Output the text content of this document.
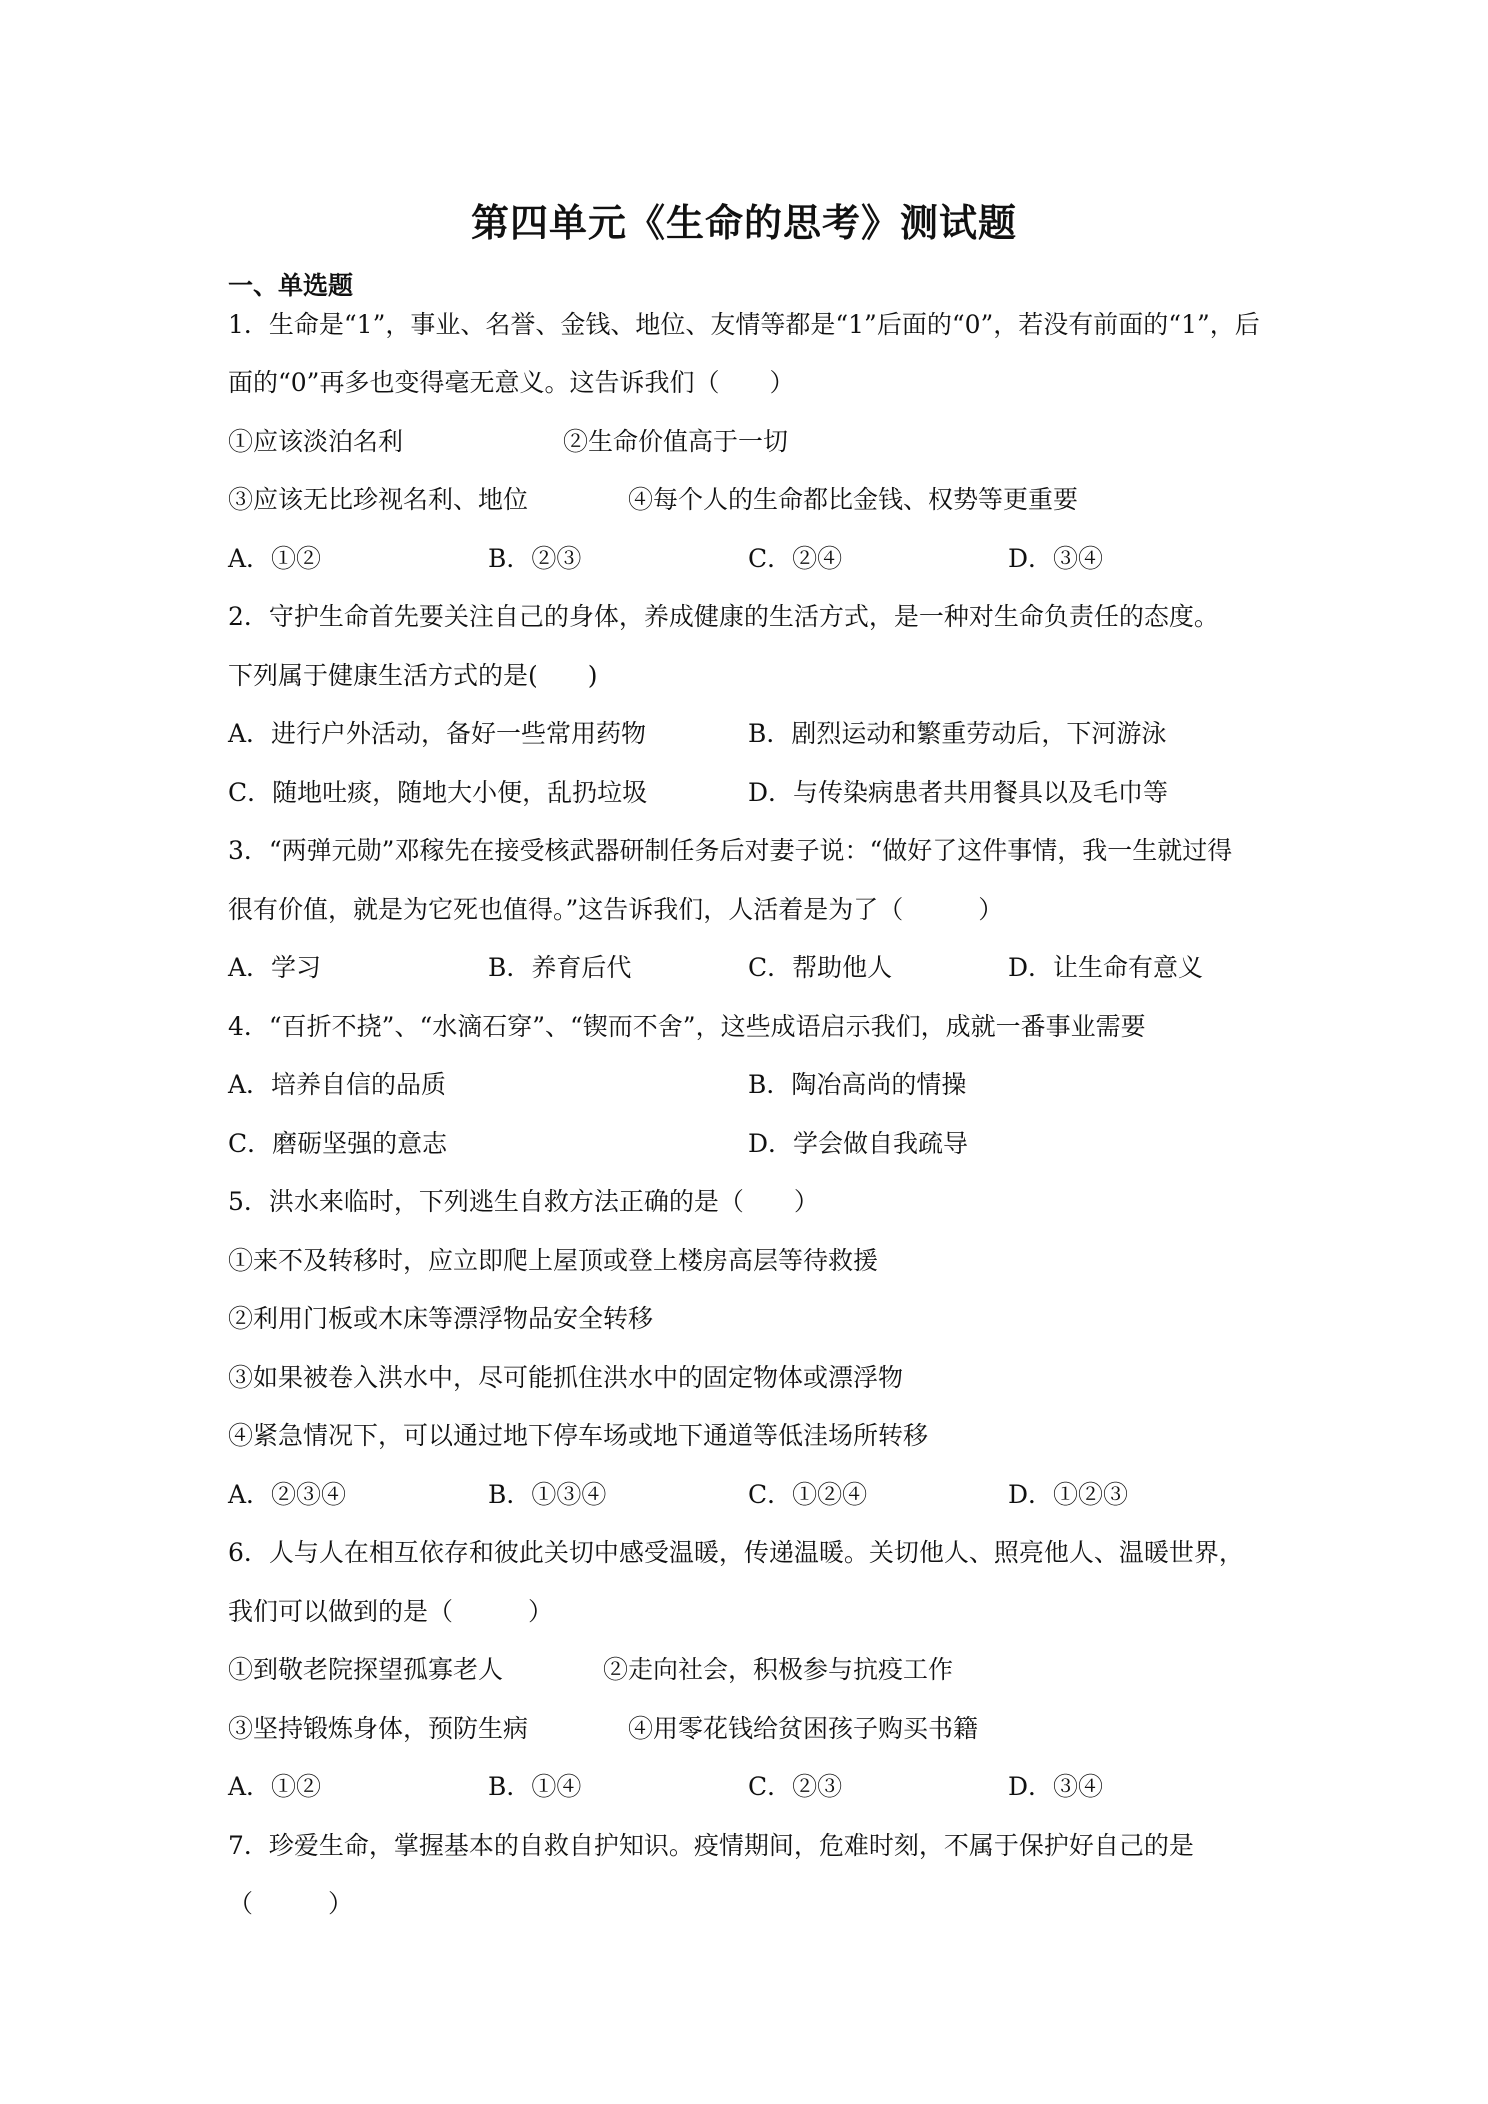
第四单元《生命的思考》测试题
一、单选题
1．生命是“1”，事业、名誉、金钱、地位、友情等都是“1”后面的“0”，若没有前面的“1”，后
面的“0”再多也变得毫无意义。这告诉我们（　　）
①应该淡泊名利	②生命价值高于一切
③应该无比珍视名利、地位	④每个人的生命都比金钱、权势等更重要
A．①②	B．②③	C．②④	D．③④
2．守护生命首先要关注自己的身体，养成健康的生活方式，是一种对生命负责任的态度。
下列属于健康生活方式的是(　　)
A．进行户外活动，备好一些常用药物	B．剧烈运动和繁重劳动后，下河游泳
C．随地吐痰，随地大小便，乱扔垃圾	D．与传染病患者共用餐具以及毛巾等
3．“两弹元勋”邓稼先在接受核武器研制任务后对妻子说：“做好了这件事情，我一生就过得
很有价值，就是为它死也值得。”这告诉我们，人活着是为了（　　　）
A．学习	B．养育后代	C．帮助他人	D．让生命有意义
4．“百折不挠”、“水滴石穿”、“锲而不舍”，这些成语启示我们，成就一番事业需要
A．培养自信的品质	B．陶冶高尚的情操
C．磨砺坚强的意志	D．学会做自我疏导
5．洪水来临时，下列逃生自救方法正确的是（　　）
①来不及转移时，应立即爬上屋顶或登上楼房高层等待救援
②利用门板或木床等漂浮物品安全转移
③如果被卷入洪水中，尽可能抓住洪水中的固定物体或漂浮物
④紧急情况下，可以通过地下停车场或地下通道等低洼场所转移
A．②③④	B．①③④	C．①②④	D．①②③
6．人与人在相互依存和彼此关切中感受温暖，传递温暖。关切他人、照亮他人、温暖世界，
我们可以做到的是（　　　）
①到敬老院探望孤寡老人	②走向社会，积极参与抗疫工作
③坚持锻炼身体，预防生病	④用零花钱给贫困孩子购买书籍
A．①②	B．①④	C．②③	D．③④
7．珍爱生命，掌握基本的自救自护知识。疫情期间，危难时刻，不属于保护好自己的是
（　　　）
